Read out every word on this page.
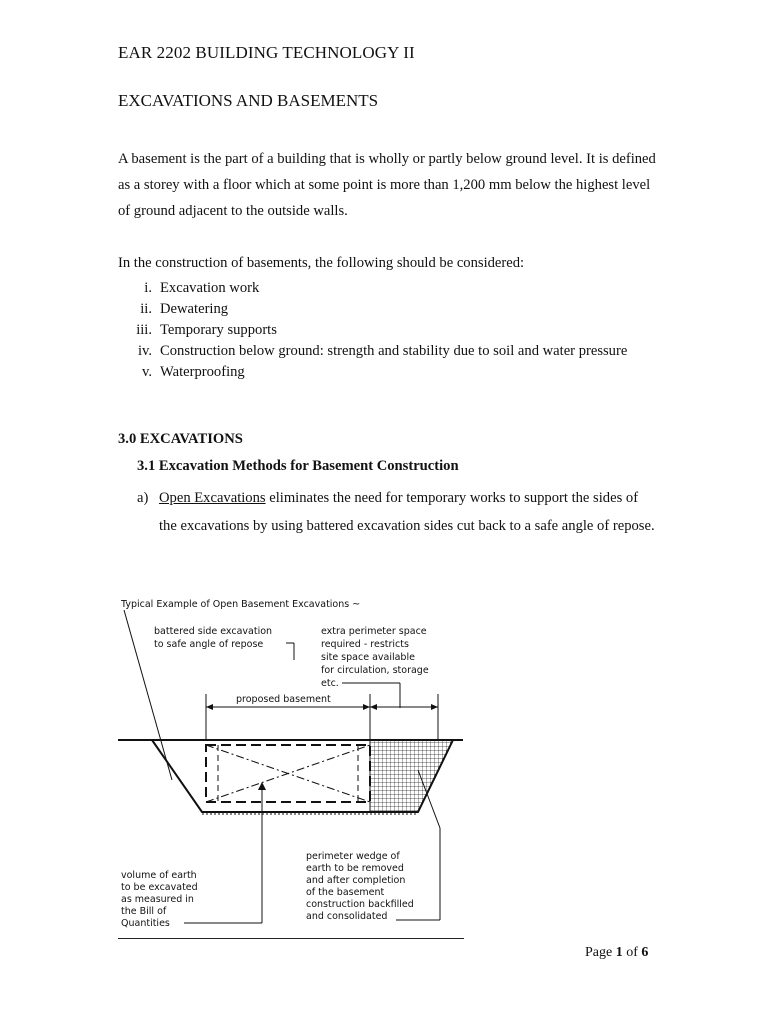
EAR 2202 BUILDING TECHNOLOGY II
EXCAVATIONS AND BASEMENTS
A basement is the part of a building that is wholly or partly below ground level. It is defined as a storey with a floor which at some point is more than 1,200 mm below the highest level of ground adjacent to the outside walls.
In the construction of basements, the following should be considered:
i. Excavation work
ii. Dewatering
iii. Temporary supports
iv. Construction below ground: strength and stability due to soil and water pressure
v. Waterproofing
3.0 EXCAVATIONS
3.1 Excavation Methods for Basement Construction
a) Open Excavations eliminates the need for temporary works to support the sides of the excavations by using battered excavation sides cut back to a safe angle of repose.
Typical Example of Open Basement Excavations ~
battered side excavation
to safe angle of repose
extra perimeter space
required - restricts
site space available
for circulation, storage
etc.
proposed basement
volume of earth
to be excavated
as measured in
the Bill of
Quantities
perimeter wedge of
earth to be removed
and after completion
of the basement
construction backfilled
and consolidated
Page 1 of 6
